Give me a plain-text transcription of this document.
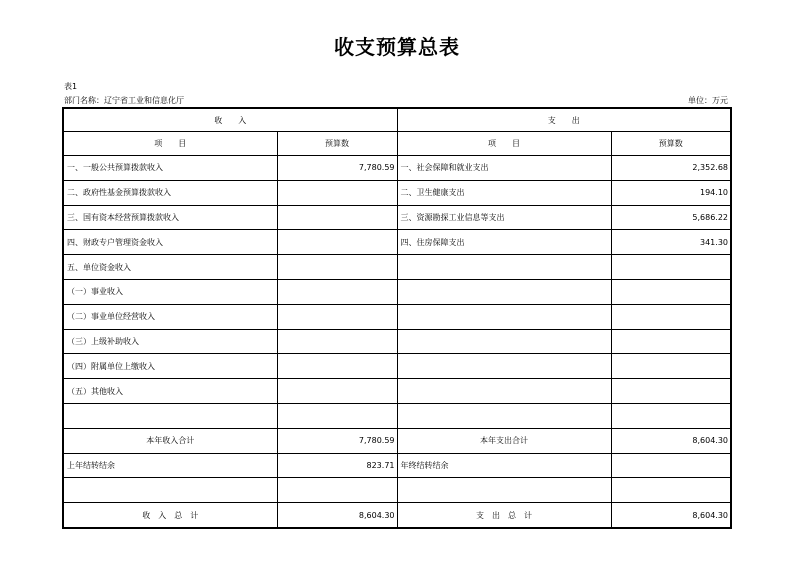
收支预算总表
表1
部门名称：辽宁省工业和信息化厅	单位：万元
收　　入		支　　出	
项　　目	预算数	项　　目	预算数
一、一般公共预算拨款收入	7,780.59	一、社会保障和就业支出	2,352.68
二、政府性基金预算拨款收入		二、卫生健康支出	194.10
三、国有资本经营预算拨款收入		三、资源勘探工业信息等支出	5,686.22
四、财政专户管理资金收入		四、住房保障支出	341.30
五、单位资金收入			
（一）事业收入			
（二）事业单位经营收入			
（三）上级补助收入			
（四）附属单位上缴收入			
（五）其他收入			

本年收入合计	7,780.59	本年支出合计	8,604.30
上年结转结余	823.71	年终结转结余	

收　入　总　计	8,604.30	支　出　总　计	8,604.30
